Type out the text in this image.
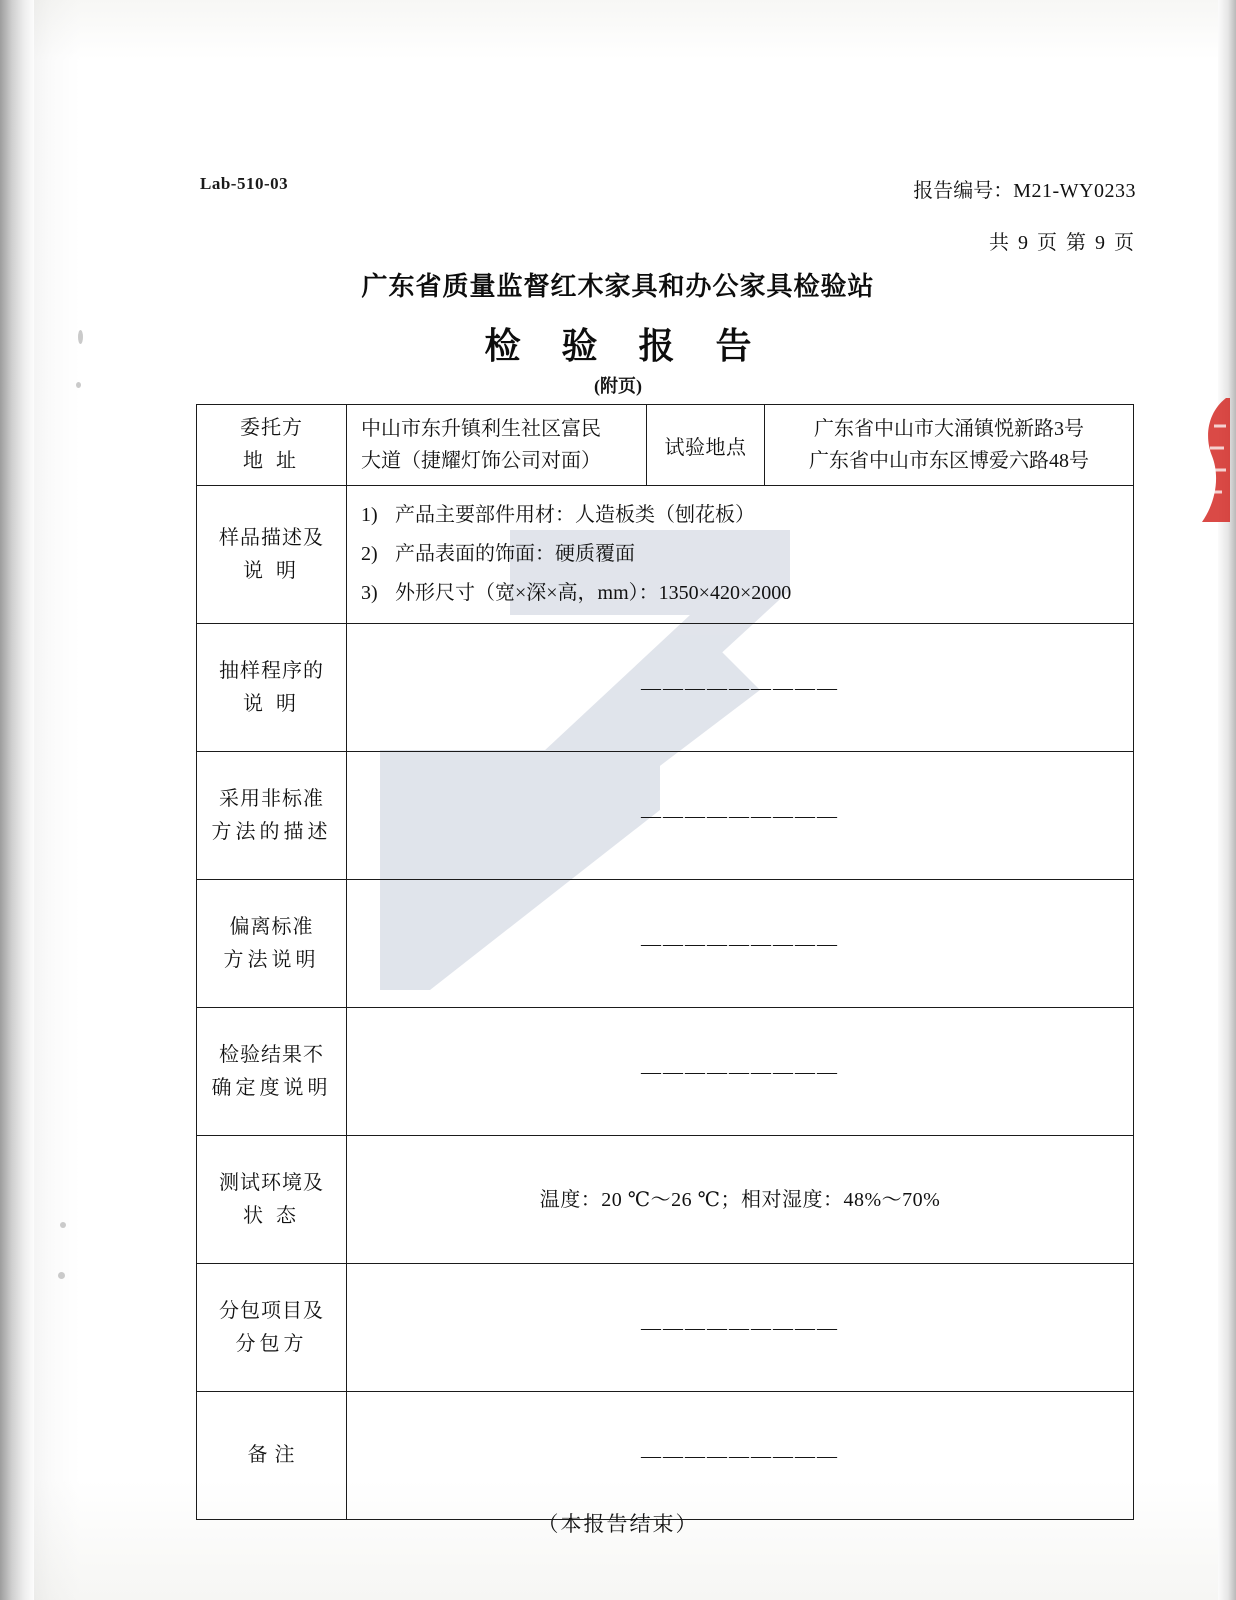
Lab-510-03	报告编号：M21-WY0233
共 9 页 第 9 页
广东省质量监督红木家具和办公家具检验站
检 验 报 告
(附页)
委托方
地 址

中山市东升镇利生社区富民
大道（捷耀灯饰公司对面）
	试验地点	
广东省中山市大涌镇悦新路3号
广东省中山市东区博爱六路48号

样品描述及
说 明

1) 产品主要部件用材：人造板类（刨花板）
2) 产品表面的饰面：硬质覆面
3) 外形尺寸（宽×深×高，mm）：1350×420×2000

抽样程序的
说 明	—————————		
采用非标准
方法的描述	—————————		
偏离标准
方法说明	—————————		
检验结果不
确定度说明	—————————		
测试环境及
状 态	温度：20 ℃～26 ℃；相对湿度：48%～70%		
分包项目及
分包方	—————————		
备 注	—————————		
（本报告结束）
